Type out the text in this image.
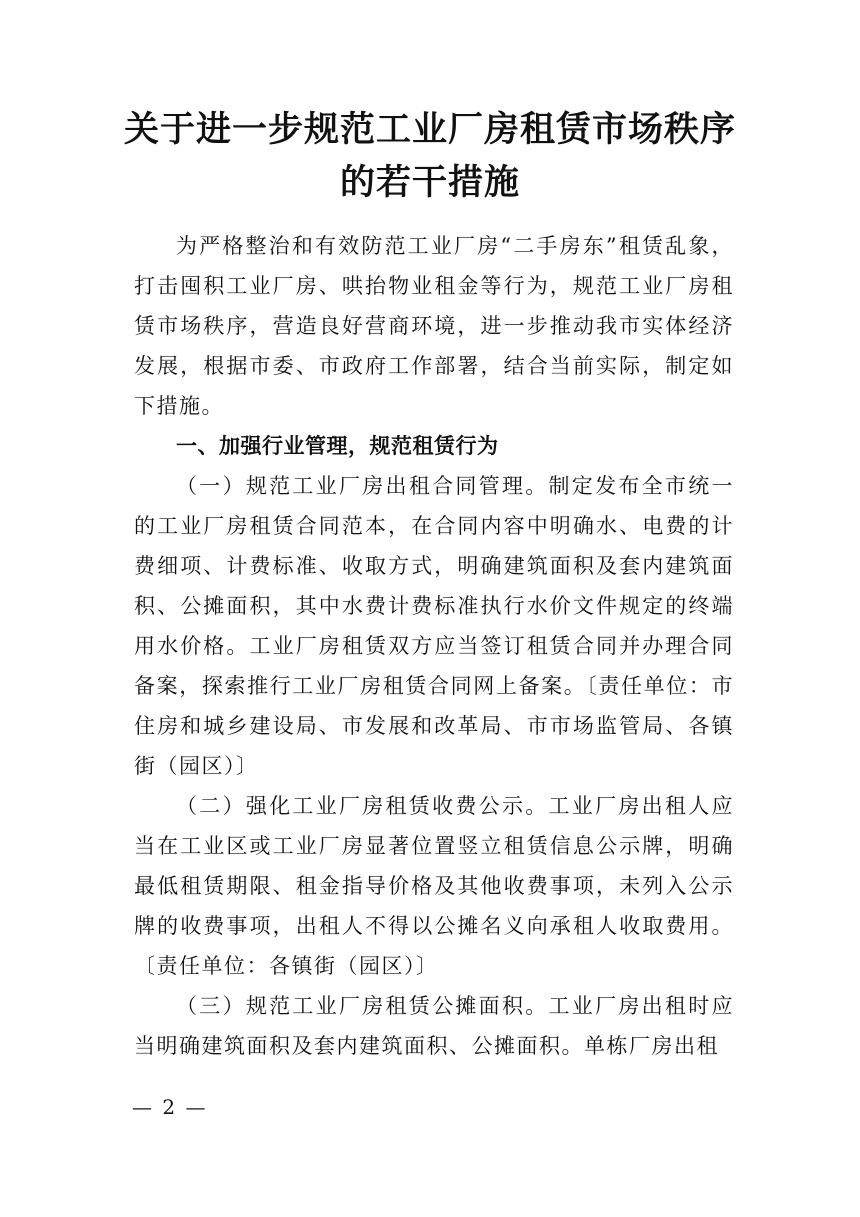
关于进一步规范工业厂房租赁市场秩序
的若干措施

为严格整治和有效防范工业厂房“二手房东”租赁乱象，打击囤积工业厂房、哄抬物业租金等行为，规范工业厂房租赁市场秩序，营造良好营商环境，进一步推动我市实体经济发展，根据市委、市政府工作部署，结合当前实际，制定如下措施。

一、加强行业管理，规范租赁行为

（一）规范工业厂房出租合同管理。制定发布全市统一的工业厂房租赁合同范本，在合同内容中明确水、电费的计费细项、计费标准、收取方式，明确建筑面积及套内建筑面积、公摊面积，其中水费计费标准执行水价文件规定的终端用水价格。工业厂房租赁双方应当签订租赁合同并办理合同备案，探索推行工业厂房租赁合同网上备案。〔责任单位：市住房和城乡建设局、市发展和改革局、市市场监管局、各镇街（园区）〕

（二）强化工业厂房租赁收费公示。工业厂房出租人应当在工业区或工业厂房显著位置竖立租赁信息公示牌，明确最低租赁期限、租金指导价格及其他收费事项，未列入公示牌的收费事项，出租人不得以公摊名义向承租人收取费用。〔责任单位：各镇街（园区）〕

（三）规范工业厂房租赁公摊面积。工业厂房出租时应当明确建筑面积及套内建筑面积、公摊面积。单栋厂房出租

— 2 —
